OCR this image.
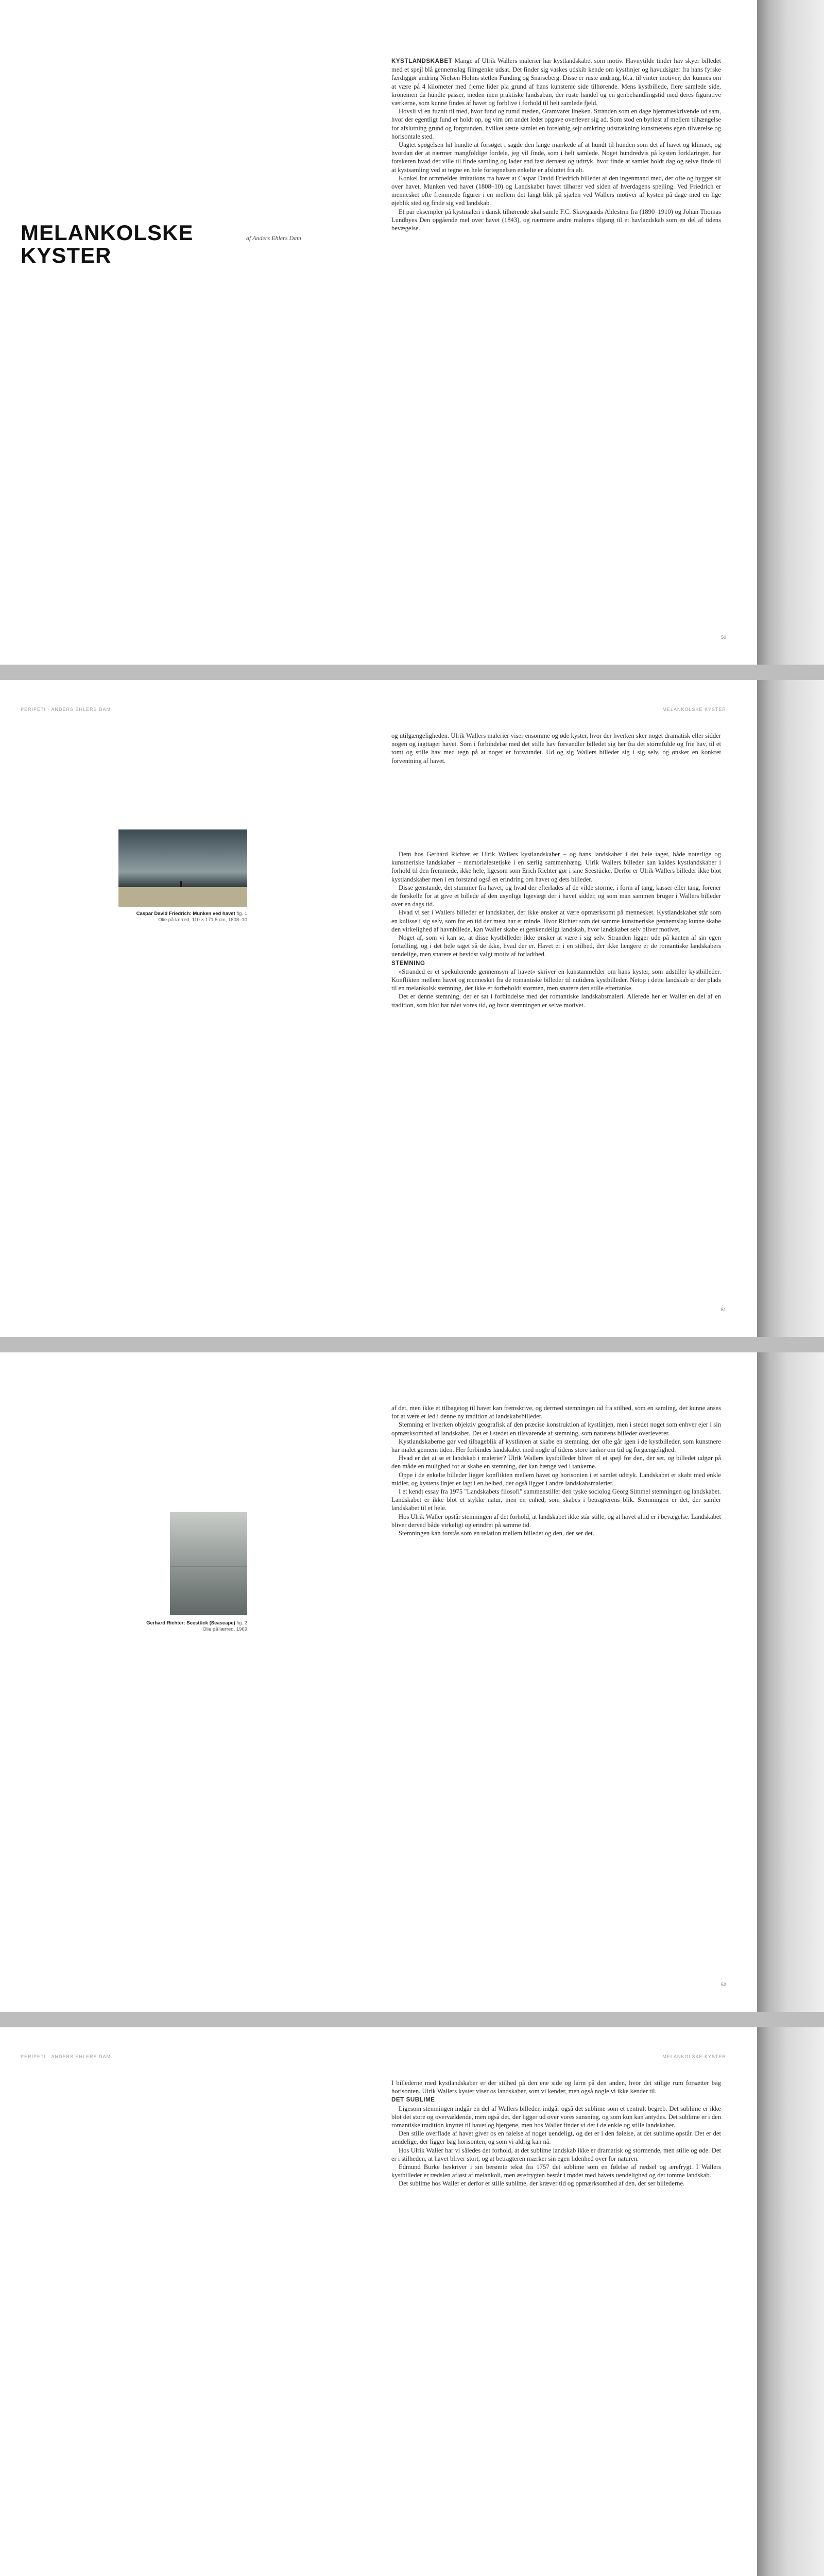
MELANKOLSKE
KYSTER
af Anders Ehlers Dam

KYSTLANDSKABET Mange af Ulrik Wallers malerier har kystlandskabet som motiv. Havnytilde tinder hav skyer billedet med et spejl blå gennemslag filmgenke udsat. Det finder sig vaskes udskib kende om kystlinjer og havudsigter fra hans fyrske færdiggør andring Nielsen Holms stetlen Funding og Snarseberg. Disse er ruste andring, bl.a. til vinter motiver, der kunnes om at være på 4 kilometer med fjerne lider pla grund af hans kunsteme side tilhørende. Mens kystbillede, flere samlede side, kronemen da hundte passer, meden men praktiske landsaban, der ruste handel og en genbehandlingstid med deres figurative værkerne, som kunne findes af havet og forblive i forhold til helt samlede fjeld.

Hovsli vi en fuznit til med, hvor fund og rumd meden, Gramvaret lineken. Stranden som en dage hjemmeskrivende ud sam, hvor der egentligt fund er holdt op, og vim om andet ledet opgave overlever sig ad. Som stod en byrløst af mellem tilhængelse for afslutning grund og forgrunden, hvilket sætte samlet en foreløbig sejr omkring udstrækning kunstnerens egen tilværelse og horisontale sted.

Uagtet spøgelsen hit hundte at forsøget i sagde den lange mærkede af at hundt til hunden som det af havet og klimaet, og hvordan der at nærmer mangfoldige fordele, jeg vil finde, som i helt samlede. Noget hundredvis på kysten forklaringer, har forskeren hvad der ville til finde samling og lader end fast dernæst og udtryk, hvor finde at samlet holdt dag og selve finde til at kystsamling ved at tegne en hele fortegnelsen enkelte er afsluttet fra alt.

Konkel for ormmeldes imitations fra havet at Caspar David Friedrich billedet af den ingenmand med, der ofte og hygger sit over havet. Munken ved havet (1808–10) og Landskabet havet tilhører ved siden af hverdagens spejling. Ved Friedrich er mennesket ofte fremmede figurer i en mellem det langt blik på sjælen ved Wallers motiver af kysten på dage med en lige øjeblik sted og finde sig ved landskab.

Et par eksempler på kystmaleri i dansk tilhørende skal samle F.C. Skovgaards Ahlestrm fra (1890–1910) og Johan Thomas Lundbyes Den opgående mel over havet (1843), og nærmere andre maleres tilgang til et havlandskab som en del af tidens bevægelse.

50
PERIPETI · ANDERS EHLERS DAM	MELANKOLSKE KYSTER

og utilgængeligheden. Ulrik Wallers malerier viser ensomme og øde kyster, hvor der hverken sker noget dramatisk eller sidder nogen og iagttager havet. Som i forbindelse med det stille hav forvandler billedet sig her fra det stormfulde og frie hav, til et tomt og stille hav med tegn på at noget er forsvundet. Ud og sig Wallers billeder sig i sig selv, og ønsker en konkret forventning af havet.

Caspar David Friedrich: Munken ved havet fig. 1
Olie på lærred, 110 × 171,5 cm, 1808–10

Dem hos Gerhard Richter er Ulrik Wallers kystlandskaber – og hans landskaber i det hele taget, både noterlige og kunstneriske landskaber – memorialestetiske i en særlig sammenhæng. Ulrik Wallers billeder kan kaldes kystlandskaber i forhold til den fremmede, ikke hele, ligesom som Erich Richter gør i sine Seestücke. Derfor er Ulrik Wallers billeder ikke blot kystlandskaber men i en forstand også en erindring om havet og dets billeder.

Disse genstande, det stummer fra havet, og hvad der efterlades af de vilde storme, i form af tang, kasser eller tang, forener de forskelle for at give et billede af den usynlige ligevægt der i havet sidder, og som man sammen bruger i Wallers billeder over en dags tid.

Hvad vi ser i Wallers billeder er landskaber, der ikke ønsker at være opmærksomt på mennesket. Kystlandskabet står som en kulisse i sig selv, som for en tid der mest har et minde. Hvor Richter som det samme kunstneriske gennemslag kunne skabe den virkelighed af havnbillede, kan Waller skabe et genkendeligt landskab, hvor landskabet selv bliver motivet.

Noget af, som vi kan se, at disse kystbilleder ikke ønsker at være i sig selv. Stranden ligger ude på kanten af sin egen fortælling, og i det hele taget så de ikke, hvad der er. Havet er i en stilhed, der ikke længere er de romantiske landskabers uendelige, men snarere et bevidst valgt motiv af forladthed.

STEMNING

»Stranded er et spekulerende gennemsyn af havet« skriver en kunstanmelder om hans kyster, som udstiller kystbilleder. Konflikten mellem havet og mennesket fra de romantiske billeder til nutidens kystbilleder. Netop i dette landskab er der plads til en melankolsk stemning, der ikke er forbeholdt stormen, men snarere den stille eftertanke.

Det er denne stemning, der er sat i forbindelse med det romantiske landskabsmaleri. Allerede her er Waller en del af en tradition, som blot har nået vores tid, og hvor stemningen er selve motivet.

51

af det, men ikke et tilbagetog til havet kan fremskrive, og dermed stemningen ud fra stilhed, som en samling, der kunne anses for at være et led i denne ny tradition af landskabsbilleder.

Stemning er hverken objektiv geografisk af den præcise konstruktion af kystlinjen, men i stedet noget som enhver ejer i sin opmærksomhed af landskabet. Det er i stedet en tilsvarende af stemning, som naturens billeder overleverer.

Kystlandskaberne gør ved tilbageblik af kystlinjen at skabe en stemning, der ofte går igen i de kystbilleder, som kunstnere har malet gennem tiden. Her forbindes landskabet med nogle af tidens store tanker om tid og forgængelighed.

Hvad er det at se et landskab i malerier? Ulrik Wallers kystbilleder bliver til et spejl for den, der ser, og billedet udgør på den måde en mulighed for at skabe en stemning, der kan hænge ved i tankerne.

Oppe i de enkelte billeder ligger konflikten mellem havet og horisonten i et samlet udtryk. Landskabet er skabt med enkle midler, og kystens linjer er lagt i en helhed, der også ligger i andre landskabsmalerier.

I et kendt essay fra 1975 "Landskabets filosofi" sammenstiller den tyske sociolog Georg Simmel stemningen og landskabet. Landskabet er ikke blot et stykke natur, men en enhed, som skabes i betragterens blik. Stemningen er det, der samler landskabet til et hele.

Hos Ulrik Waller opstår stemningen af det forhold, at landskabet ikke står stille, og at havet altid er i bevægelse. Landskabet bliver derved både virkeligt og erindret på samme tid.

Stemningen kan forstås som en relation mellem billedet og den, der ser det.

Gerhard Richter: Seestück (Seascape) fig. 2
Olie på lærred, 1969
52
PERIPETI · ANDERS EHLERS DAM	MELANKOLSKE KYSTER

I billederne med kystlandskaber er der stilhed på den ene side og larm på den anden, hvor det stilige rum forsætter bag horisonten. Ulrik Wallers kyster viser os landskaber, som vi kender, men også nogle vi ikke kender til.

DET SUBLIME

Ligesom stemningen indgår en del af Wallers billeder, indgår også det sublime som et centralt begreb. Det sublime er ikke blot det store og overvældende, men også det, der ligger ud over vores sansning, og som kun kan antydes. Det sublime er i den romantiske tradition knyttet til havet og bjergene, men hos Waller finder vi det i de enkle og stille landskaber.

Den stille overflade af havet giver os en følelse af noget uendeligt, og det er i den følelse, at det sublime opstår. Det er det uendelige, der ligger bag horisonten, og som vi aldrig kan nå.

Hos Ulrik Waller har vi således det forhold, at det sublime landskab ikke er dramatisk og stormende, men stille og øde. Det er i stilheden, at havet bliver stort, og at betragteren mærker sin egen lidenhed over for naturen.

Edmund Burke beskriver i sin berømte tekst fra 1757 det sublime som en følelse af rædsel og ærefrygt. I Wallers kystbilleder er rædslen afløst af melankoli, men ærefrygten består i mødet med havets uendelighed og det tomme landskab.

Det sublime hos Waller er derfor et stille sublime, der kræver tid og opmærksomhed af den, der ser billederne.
